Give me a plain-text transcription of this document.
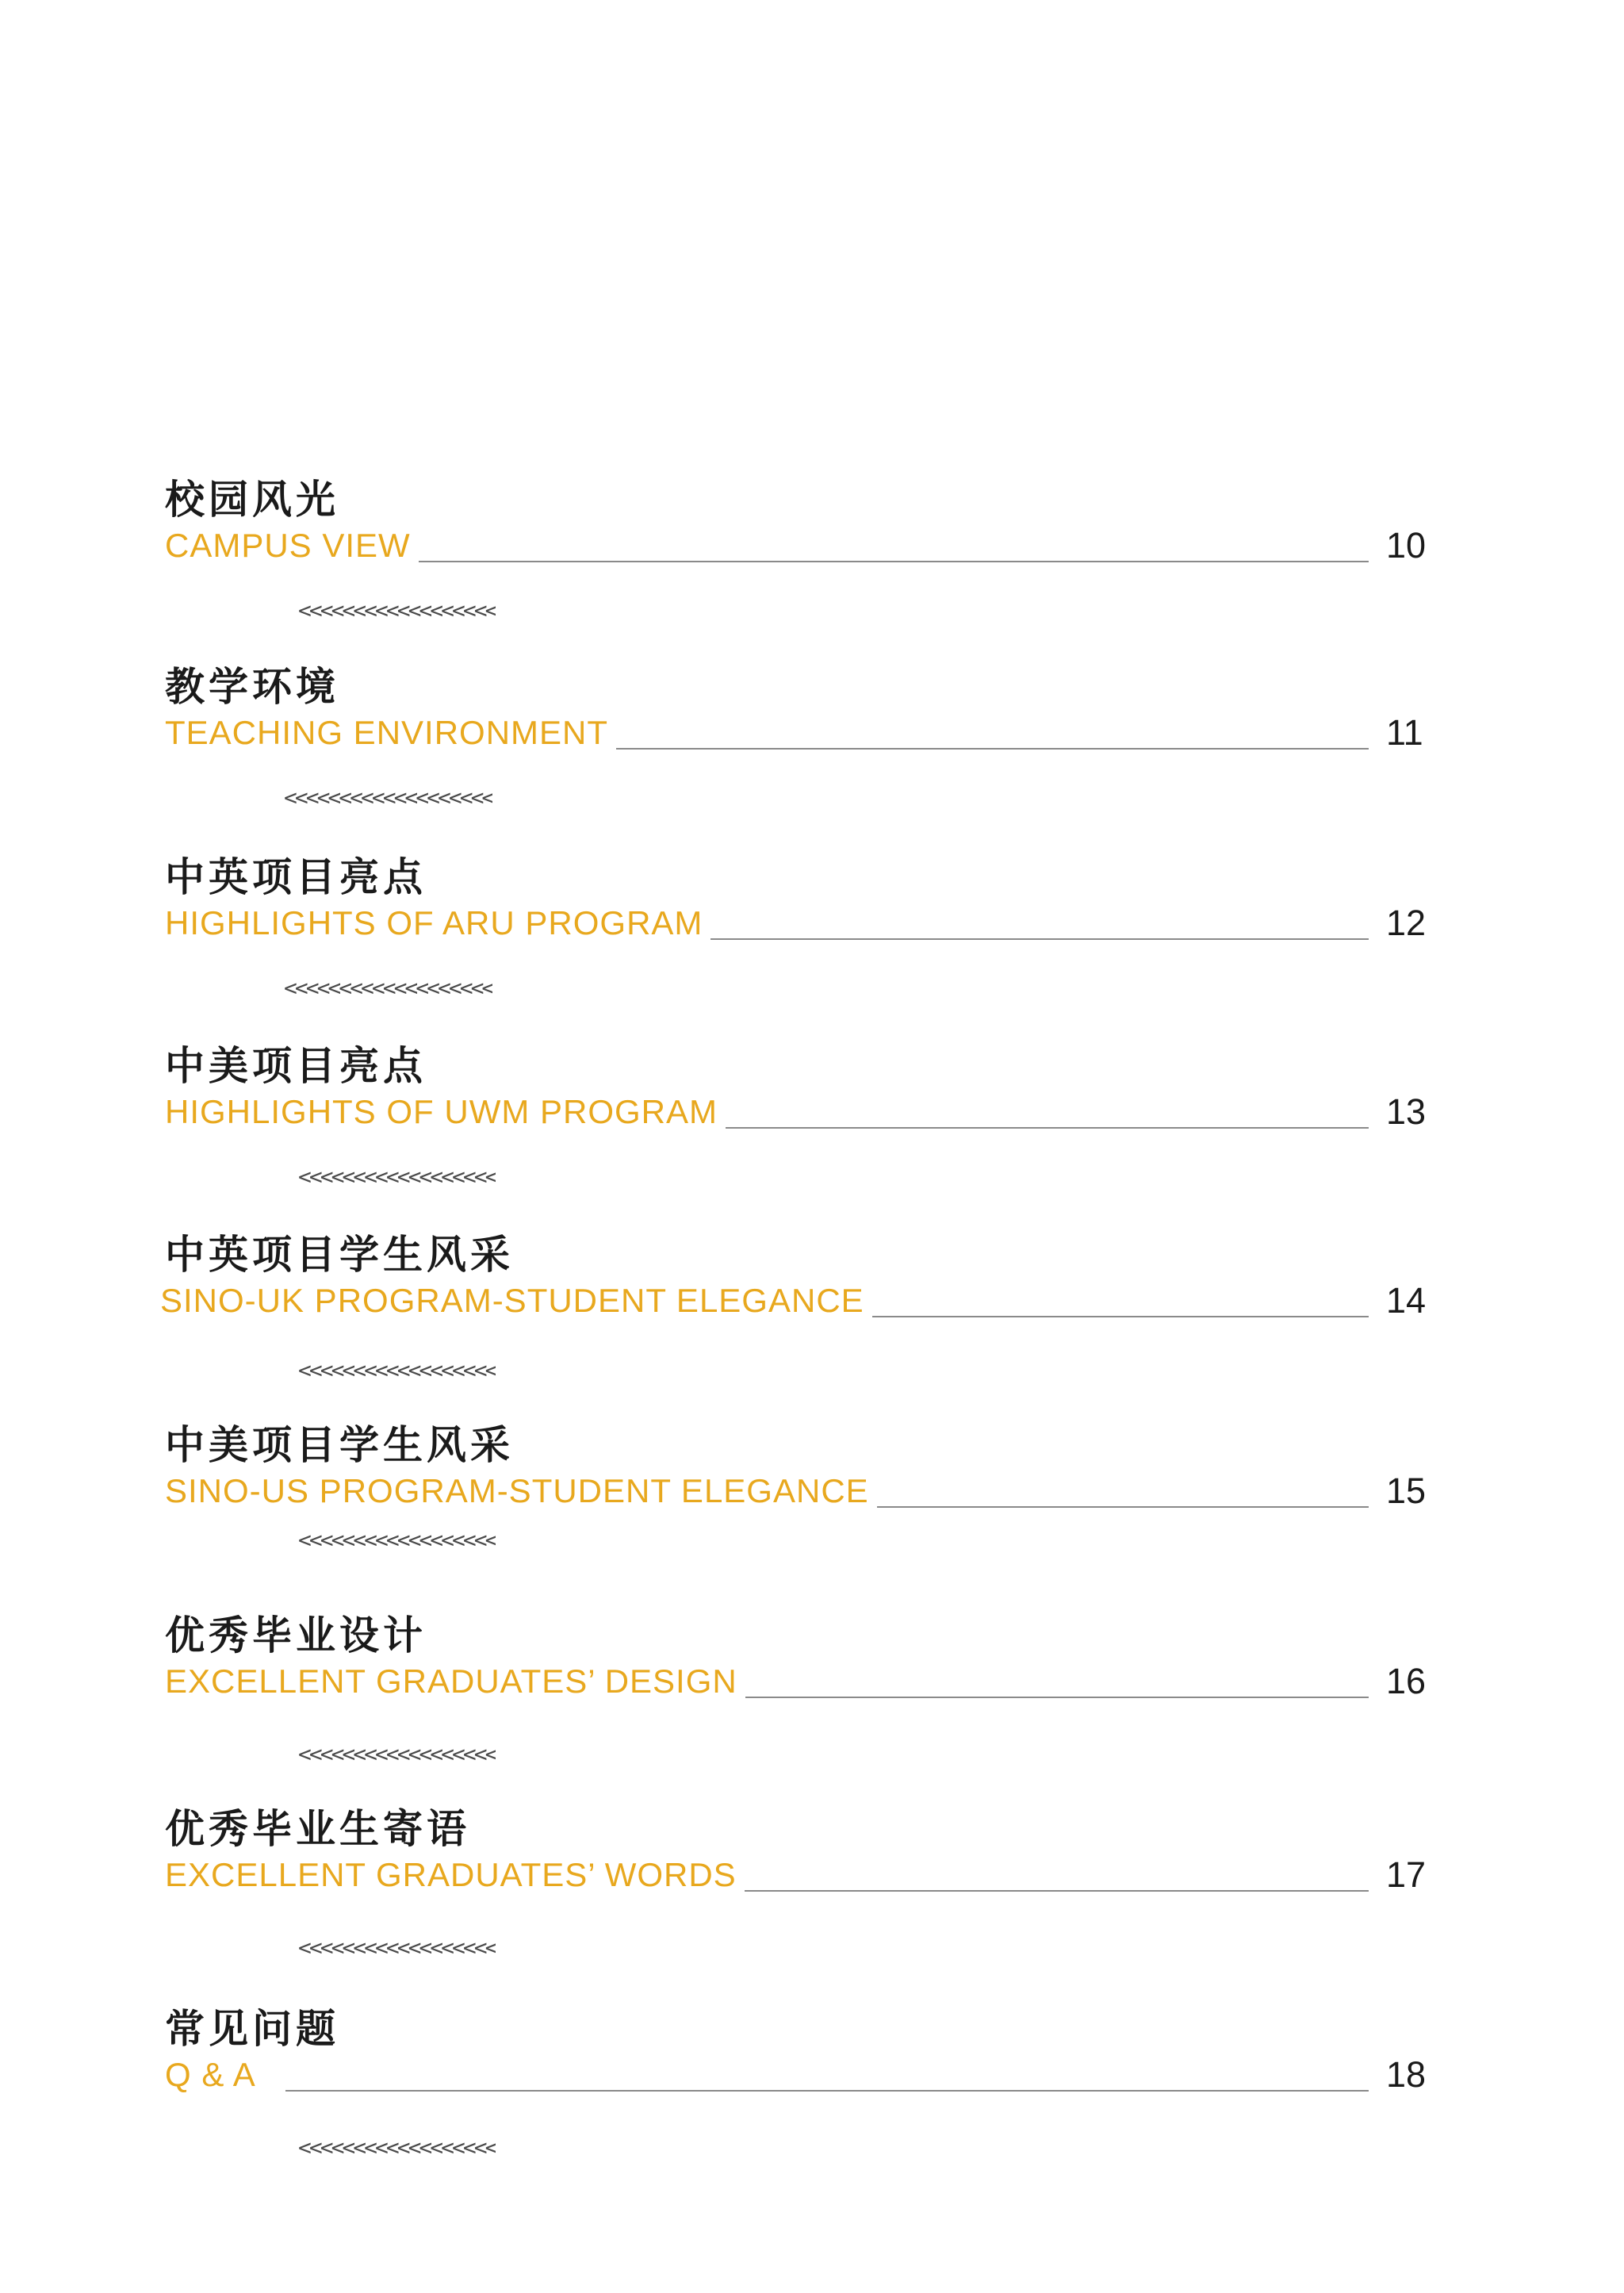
校园风光
CAMPUS VIEW	10
<<<<<<<<<<<<<<<<<<
教学环境
TEACHING ENVIRONMENT	11
<<<<<<<<<<<<<<<<<<<
中英项目亮点
HIGHLIGHTS OF ARU PROGRAM	12
<<<<<<<<<<<<<<<<<<<
中美项目亮点
HIGHLIGHTS OF UWM PROGRAM	13
<<<<<<<<<<<<<<<<<<
中英项目学生风采
SINO-UK PROGRAM-STUDENT ELEGANCE	14
<<<<<<<<<<<<<<<<<<
中美项目学生风采
SINO-US PROGRAM-STUDENT ELEGANCE	15
<<<<<<<<<<<<<<<<<<
优秀毕业设计
EXCELLENT GRADUATES’ DESIGN	16
<<<<<<<<<<<<<<<<<<
优秀毕业生寄语
EXCELLENT GRADUATES’ WORDS	17
<<<<<<<<<<<<<<<<<<
常见问题
Q & A	18
<<<<<<<<<<<<<<<<<<
